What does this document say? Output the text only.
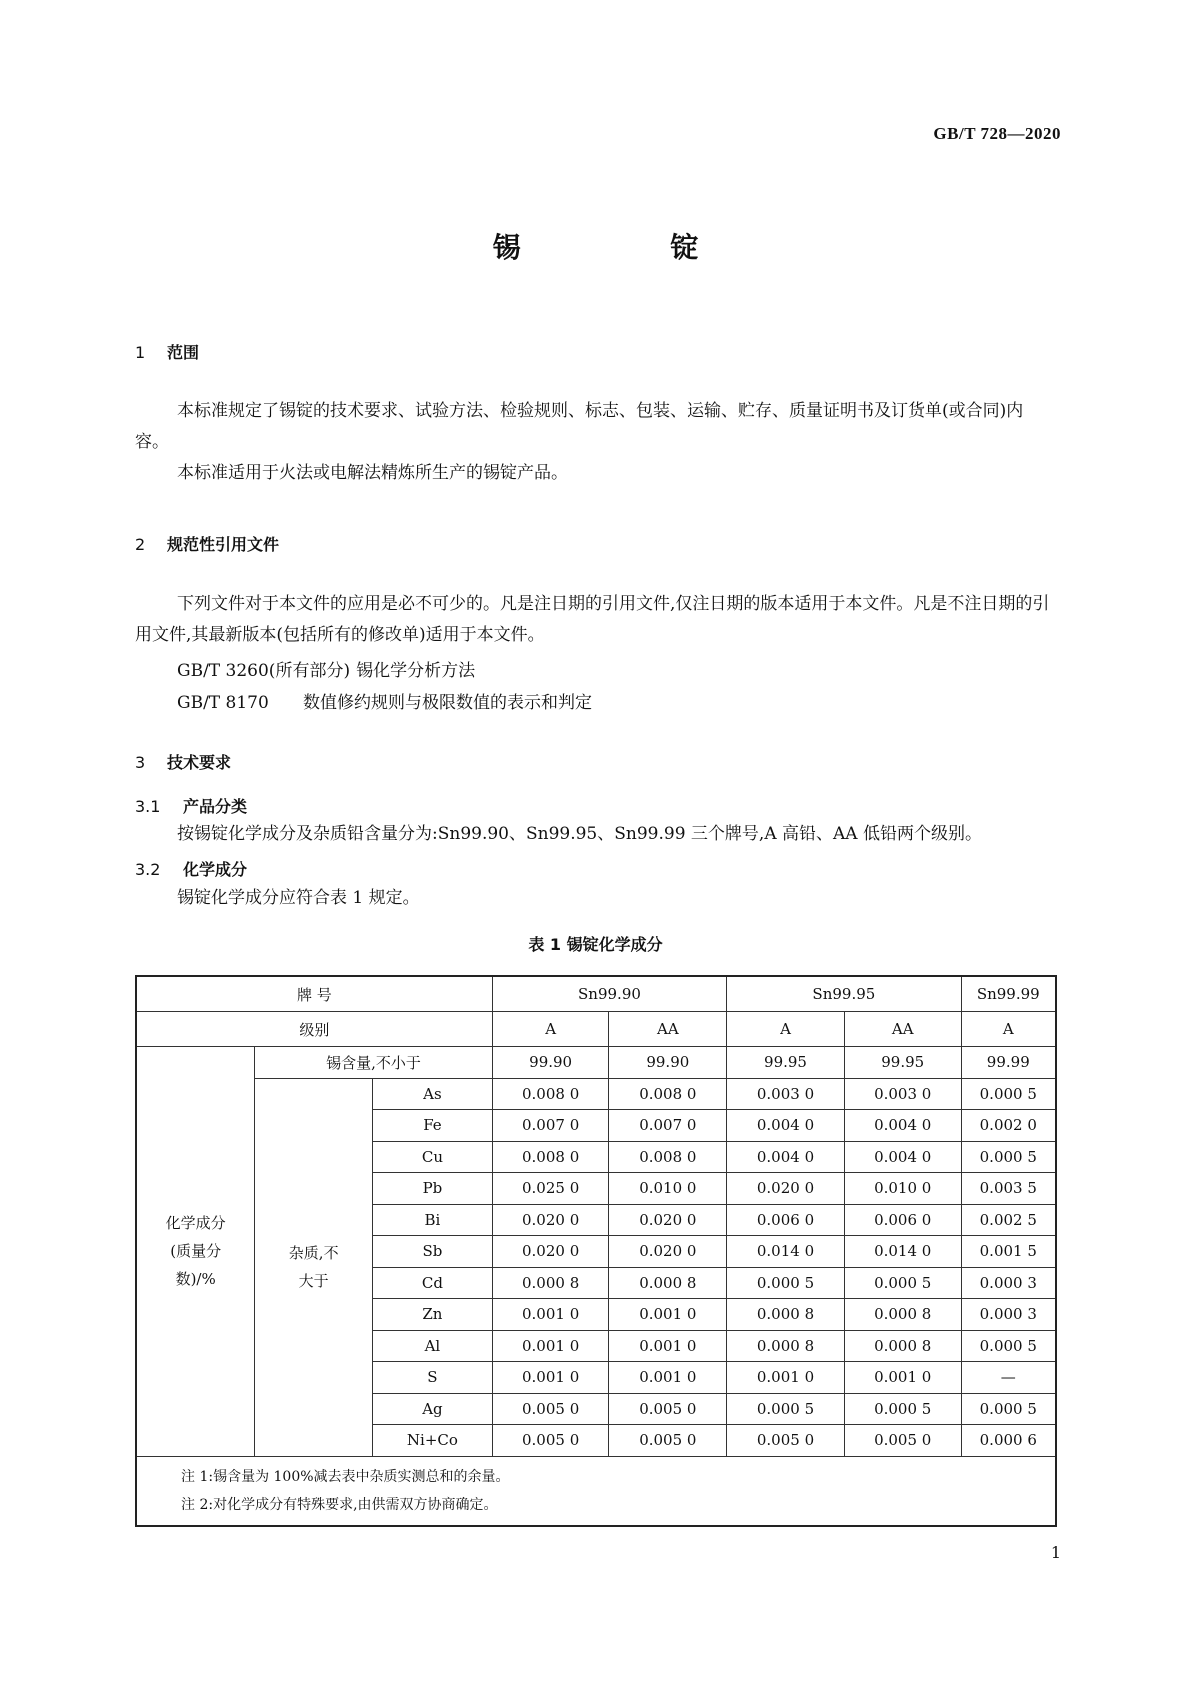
GB/T 728—2020
锡 锭
1 范围
本标准规定了锡锭的技术要求、试验方法、检验规则、标志、包装、运输、贮存、质量证明书及订货单(或合同)内容。
本标准适用于火法或电解法精炼所生产的锡锭产品。
2 规范性引用文件
下列文件对于本文件的应用是必不可少的。凡是注日期的引用文件,仅注日期的版本适用于本文件。凡是不注日期的引用文件,其最新版本(包括所有的修改单)适用于本文件。
GB/T 3260(所有部分) 锡化学分析方法
GB/T 8170 数值修约规则与极限数值的表示和判定
3 技术要求
3.1 产品分类
按锡锭化学成分及杂质铅含量分为:Sn99.90、Sn99.95、Sn99.99 三个牌号,A 高铅、AA 低铅两个级别。
3.2 化学成分
锡锭化学成分应符合表 1 规定。
表 1 锡锭化学成分
牌 号			Sn99.90		Sn99.95		Sn99.99
级别			A	AA	A	AA	A

化学成分(质量分数)/%	锡含量,不小于		99.90	99.90	99.95	99.95	99.99

	杂质,不大于	As	0.008 0	0.008 0	0.003 0	0.003 0	0.000 5
		Fe	0.007 0	0.007 0	0.004 0	0.004 0	0.002 0
		Cu	0.008 0	0.008 0	0.004 0	0.004 0	0.000 5
		Pb	0.025 0	0.010 0	0.020 0	0.010 0	0.003 5
		Bi	0.020 0	0.020 0	0.006 0	0.006 0	0.002 5
		Sb	0.020 0	0.020 0	0.014 0	0.014 0	0.001 5
		Cd	0.000 8	0.000 8	0.000 5	0.000 5	0.000 3
		Zn	0.001 0	0.001 0	0.000 8	0.000 8	0.000 3
		Al	0.001 0	0.001 0	0.000 8	0.000 8	0.000 5
		S	0.001 0	0.001 0	0.001 0	0.001 0	—
		Ag	0.005 0	0.005 0	0.000 5	0.000 5	0.000 5
		Ni+Co	0.005 0	0.005 0	0.005 0	0.005 0	0.000 6

注 1:锡含量为 100%减去表中杂质实测总和的余量。
注 2:对化学成分有特殊要求,由供需双方协商确定。							
1
